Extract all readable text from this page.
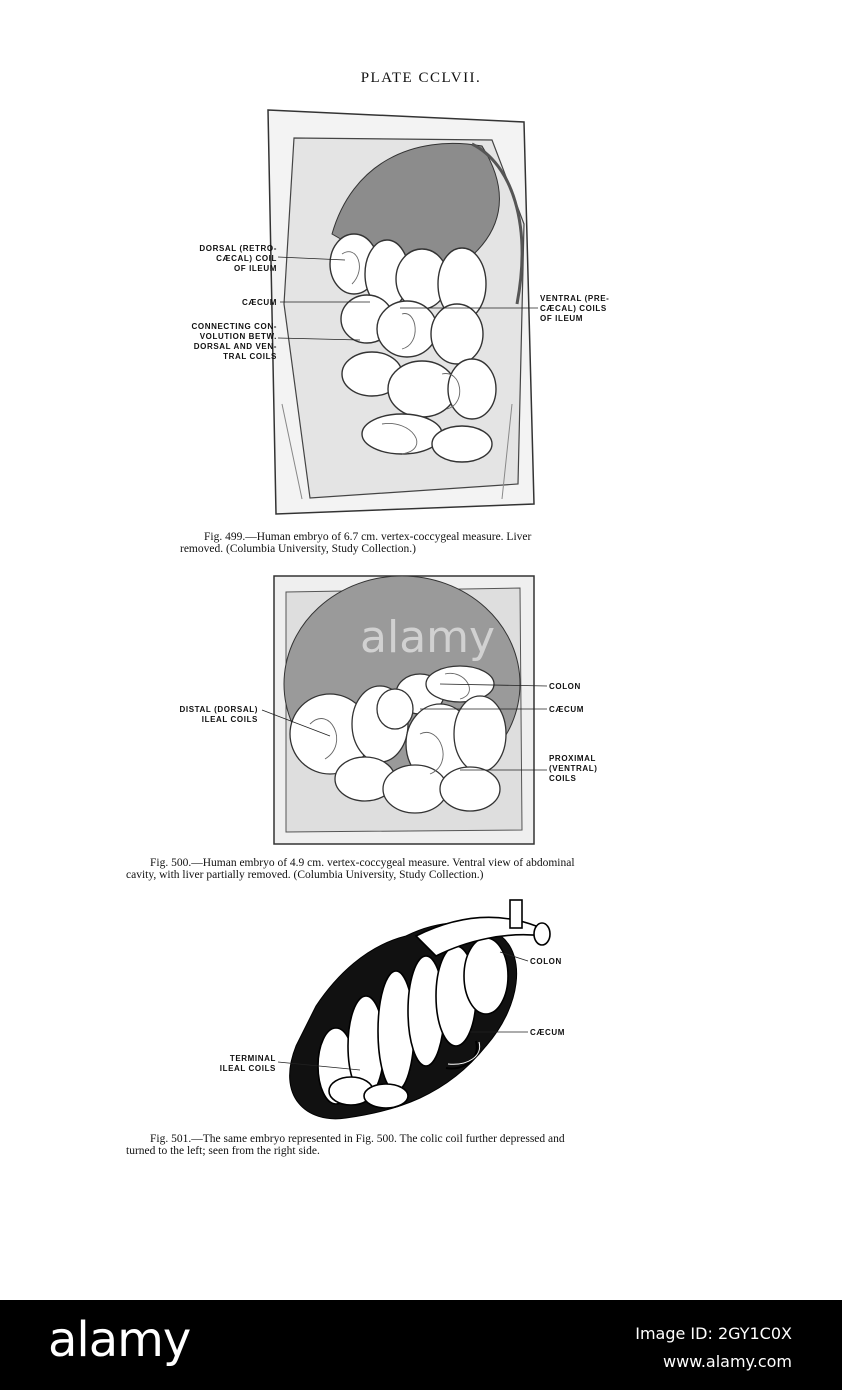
PLATE CCLVII.
DORSAL (RETRO-
CÆCAL) COIL
OF ILEUM
CÆCUM
CONNECTING CON-
VOLUTION BETW.
DORSAL AND VEN-
TRAL COILS
VENTRAL (PRE-
CÆCAL) COILS
OF ILEUM
Fig. 499.—Human embryo of 6.7 cm. vertex-coccygeal measure. Liver
removed. (Columbia University, Study Collection.)
DISTAL (DORSAL)
ILEAL COILS
COLON
CÆCUM
PROXIMAL
(VENTRAL)
COILS
Fig. 500.—Human embryo of 4.9 cm. vertex-coccygeal measure. Ventral view of abdominal
cavity, with liver partially removed. (Columbia University, Study Collection.)
TERMINAL
ILEAL COILS
COLON
CÆCUM
Fig. 501.—The same embryo represented in Fig. 500. The colic coil further depressed and
turned to the left; seen from the right side.
alamy
alamy	Image ID: 2GY1C0X
www.alamy.com
